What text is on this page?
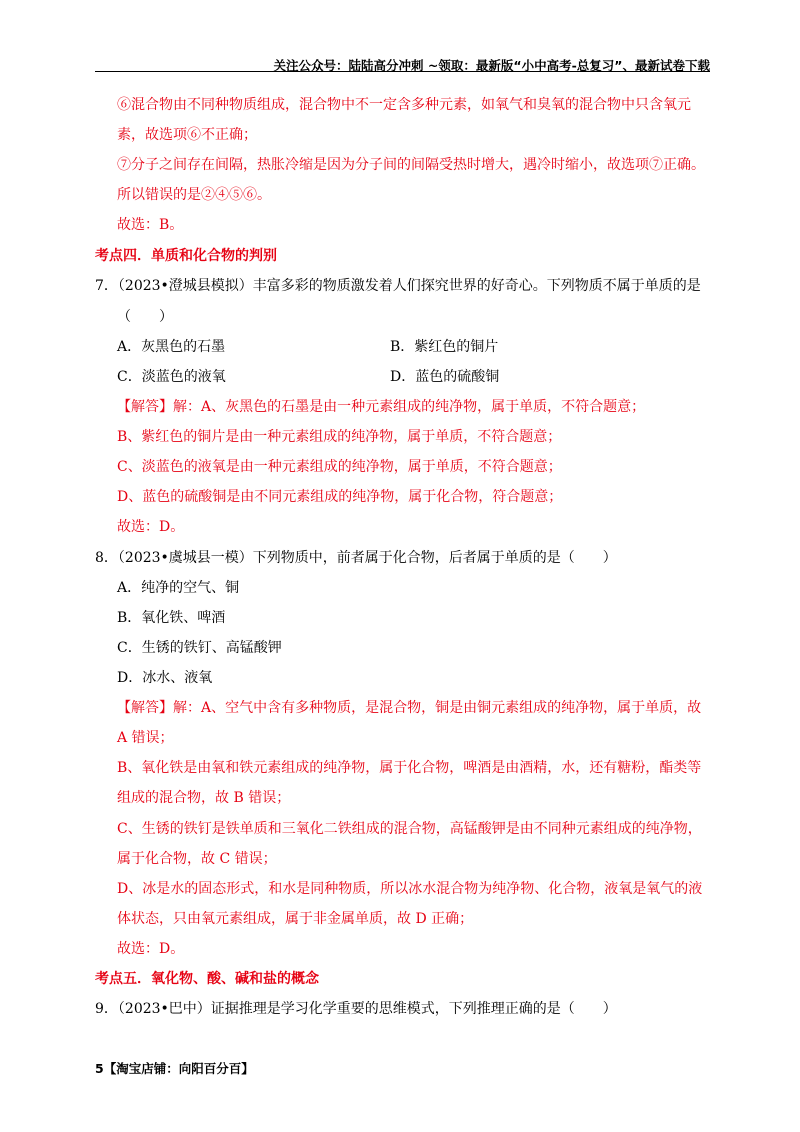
关注公众号：陆陆高分冲刺 ~领取：最新版“小中高考-总复习”、最新试卷下载
⑥混合物由不同种物质组成，混合物中不一定含多种元素，如氧气和臭氧的混合物中只含氧元
素，故选项⑥不正确；
⑦分子之间存在间隔，热胀冷缩是因为分子间的间隔受热时增大，遇冷时缩小，故选项⑦正确。
所以错误的是②④⑤⑥。
故选：B。
考点四．单质和化合物的判别
7．（2023•澄城县模拟）丰富多彩的物质激发着人们探究世界的好奇心。下列物质不属于单质的是
（　　）
A．灰黑色的石墨	B．紫红色的铜片
C．淡蓝色的液氧	D．蓝色的硫酸铜
【解答】解：A、灰黑色的石墨是由一种元素组成的纯净物，属于单质，不符合题意；
B、紫红色的铜片是由一种元素组成的纯净物，属于单质，不符合题意；
C、淡蓝色的液氧是由一种元素组成的纯净物，属于单质，不符合题意；
D、蓝色的硫酸铜是由不同元素组成的纯净物，属于化合物，符合题意；
故选：D。
8．（2023•虞城县一模）下列物质中，前者属于化合物，后者属于单质的是（　　）
A．纯净的空气、铜
B．氧化铁、啤酒
C．生锈的铁钉、高锰酸钾
D．冰水、液氧
【解答】解：A、空气中含有多种物质，是混合物，铜是由铜元素组成的纯净物，属于单质，故
A 错误；
B、氧化铁是由氧和铁元素组成的纯净物，属于化合物，啤酒是由酒精，水，还有糖粉，酯类等
组成的混合物，故 B 错误；
C、生锈的铁钉是铁单质和三氧化二铁组成的混合物，高锰酸钾是由不同种元素组成的纯净物，
属于化合物，故 C 错误；
D、冰是水的固态形式，和水是同种物质，所以冰水混合物为纯净物、化合物，液氧是氧气的液
体状态，只由氧元素组成，属于非金属单质，故 D 正确；
故选：D。
考点五．氧化物、酸、碱和盐的概念
9．（2023•巴中）证据推理是学习化学重要的思维模式，下列推理正确的是（　　）
5【淘宝店铺：向阳百分百】
